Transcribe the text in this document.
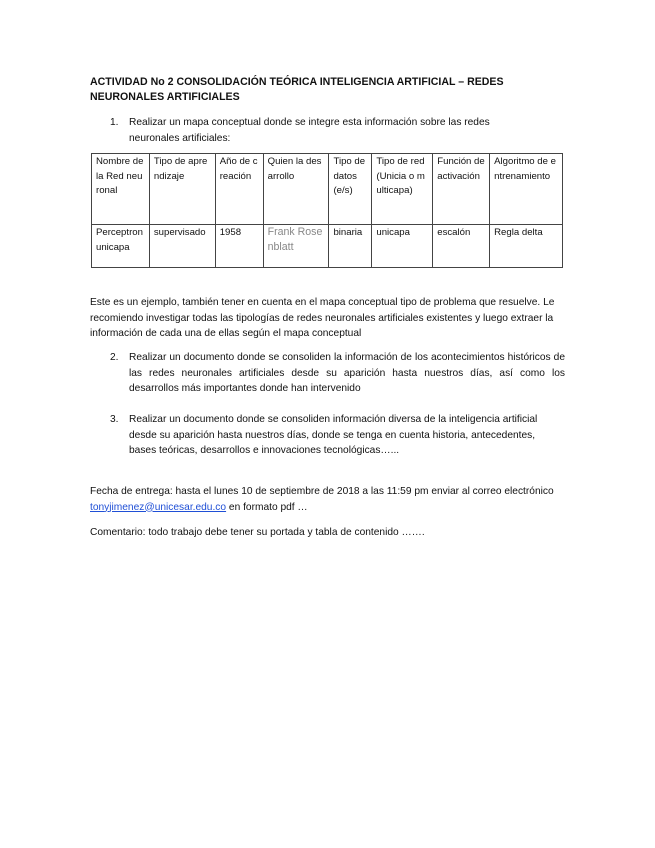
ACTIVIDAD No 2 CONSOLIDACIÓN TEÓRICA INTELIGENCIA ARTIFICIAL – REDES NEURONALES ARTIFICIALES
1. Realizar un mapa conceptual donde se integre esta información sobre las redes neuronales artificiales:
Nombre de la Red neuronal	Tipo de aprendizaje	Año de creación	Quien la desarrollo	Tipo de datos (e/s)	Tipo de red (Unicia o multicapa)	Función de activación	Algoritmo de entrenamiento
Perceptron unicapa	supervisado	1958	Frank Rosenblatt	binaria	unicapa	escalón	Regla delta
Este es un ejemplo, también tener en cuenta en el mapa conceptual tipo de problema que resuelve. Le recomiendo investigar todas las tipologías de redes neuronales artificiales existentes y luego extraer la información de cada una de ellas según el mapa conceptual
2. Realizar un documento donde se consoliden la información de los acontecimientos históricos de las redes neuronales artificiales desde su aparición hasta nuestros días, así como los desarrollos más importantes donde han intervenido
3. Realizar un documento donde se consoliden información diversa de la inteligencia artificial desde su aparición hasta nuestros días, donde se tenga en cuenta historia, antecedentes, bases teóricas, desarrollos e innovaciones tecnológicas…...
Fecha de entrega: hasta el lunes 10 de septiembre de 2018 a las 11:59 pm enviar al correo electrónico tonyjimenez@unicesar.edu.co en formato pdf …
Comentario: todo trabajo debe tener su portada y tabla de contenido …….
